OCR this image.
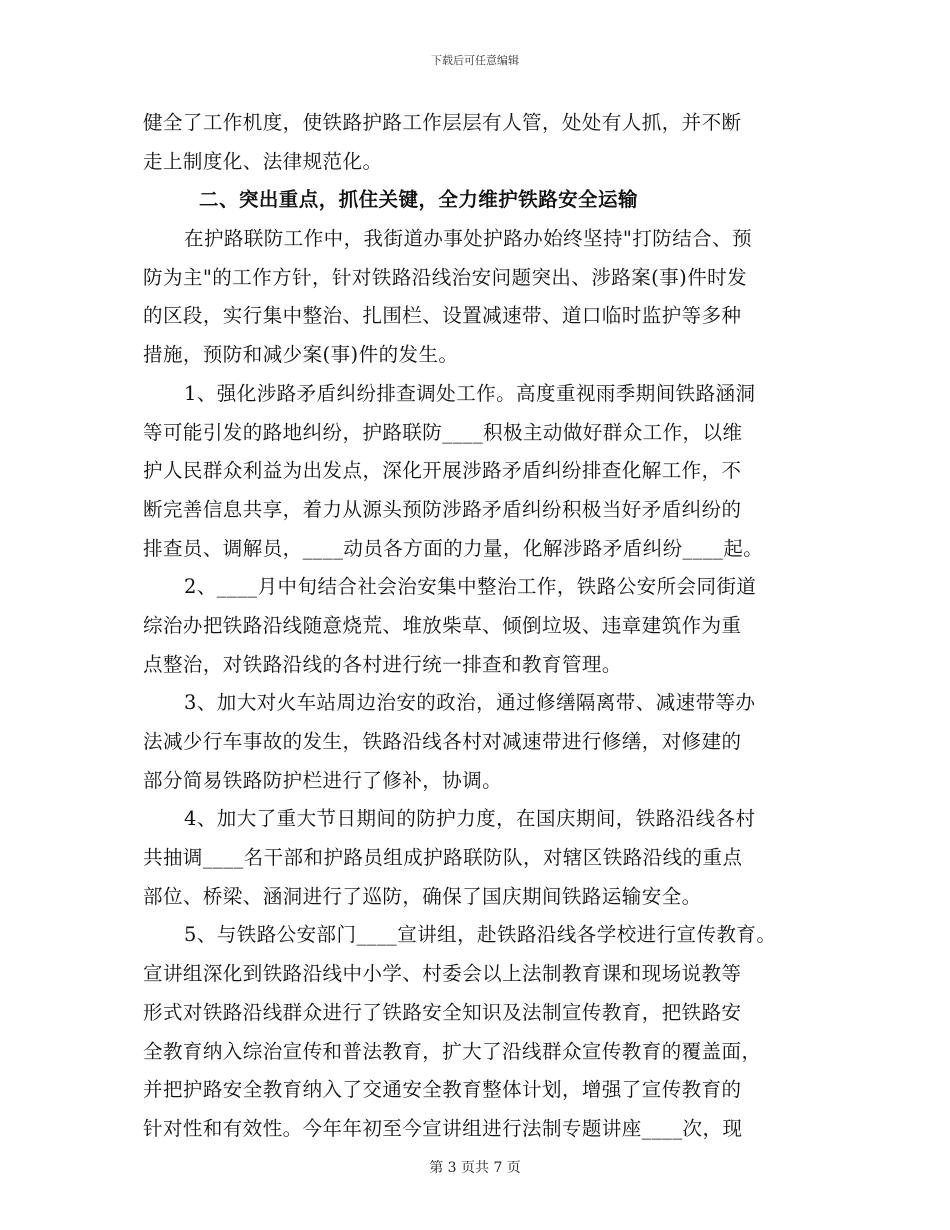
下载后可任意编辑
健全了工作机度，使铁路护路工作层层有人管，处处有人抓，并不断
走上制度化、法律规范化。
二、突出重点，抓住关键，全力维护铁路安全运输
在护路联防工作中，我街道办事处护路办始终坚持"打防结合、预
防为主"的工作方针，针对铁路沿线治安问题突出、涉路案(事)件时发
的区段，实行集中整治、扎围栏、设置减速带、道口临时监护等多种
措施，预防和减少案(事)件的发生。
1、强化涉路矛盾纠纷排查调处工作。高度重视雨季期间铁路涵洞
等可能引发的路地纠纷，护路联防____积极主动做好群众工作，以维
护人民群众利益为出发点，深化开展涉路矛盾纠纷排查化解工作，不
断完善信息共享，着力从源头预防涉路矛盾纠纷积极当好矛盾纠纷的
排查员、调解员，____动员各方面的力量，化解涉路矛盾纠纷____起。
2、____月中旬结合社会治安集中整治工作，铁路公安所会同街道
综治办把铁路沿线随意烧荒、堆放柴草、倾倒垃圾、违章建筑作为重
点整治，对铁路沿线的各村进行统一排查和教育管理。
3、加大对火车站周边治安的政治，通过修缮隔离带、减速带等办
法减少行车事故的发生，铁路沿线各村对减速带进行修缮，对修建的
部分简易铁路防护栏进行了修补，协调。
4、加大了重大节日期间的防护力度，在国庆期间，铁路沿线各村
共抽调____名干部和护路员组成护路联防队，对辖区铁路沿线的重点
部位、桥梁、涵洞进行了巡防，确保了国庆期间铁路运输安全。
5、与铁路公安部门____宣讲组，赴铁路沿线各学校进行宣传教育。
宣讲组深化到铁路沿线中小学、村委会以上法制教育课和现场说教等
形式对铁路沿线群众进行了铁路安全知识及法制宣传教育，把铁路安
全教育纳入综治宣传和普法教育，扩大了沿线群众宣传教育的覆盖面，
并把护路安全教育纳入了交通安全教育整体计划，增强了宣传教育的
针对性和有效性。今年年初至今宣讲组进行法制专题讲座____次，现
第 3 页共 7 页
